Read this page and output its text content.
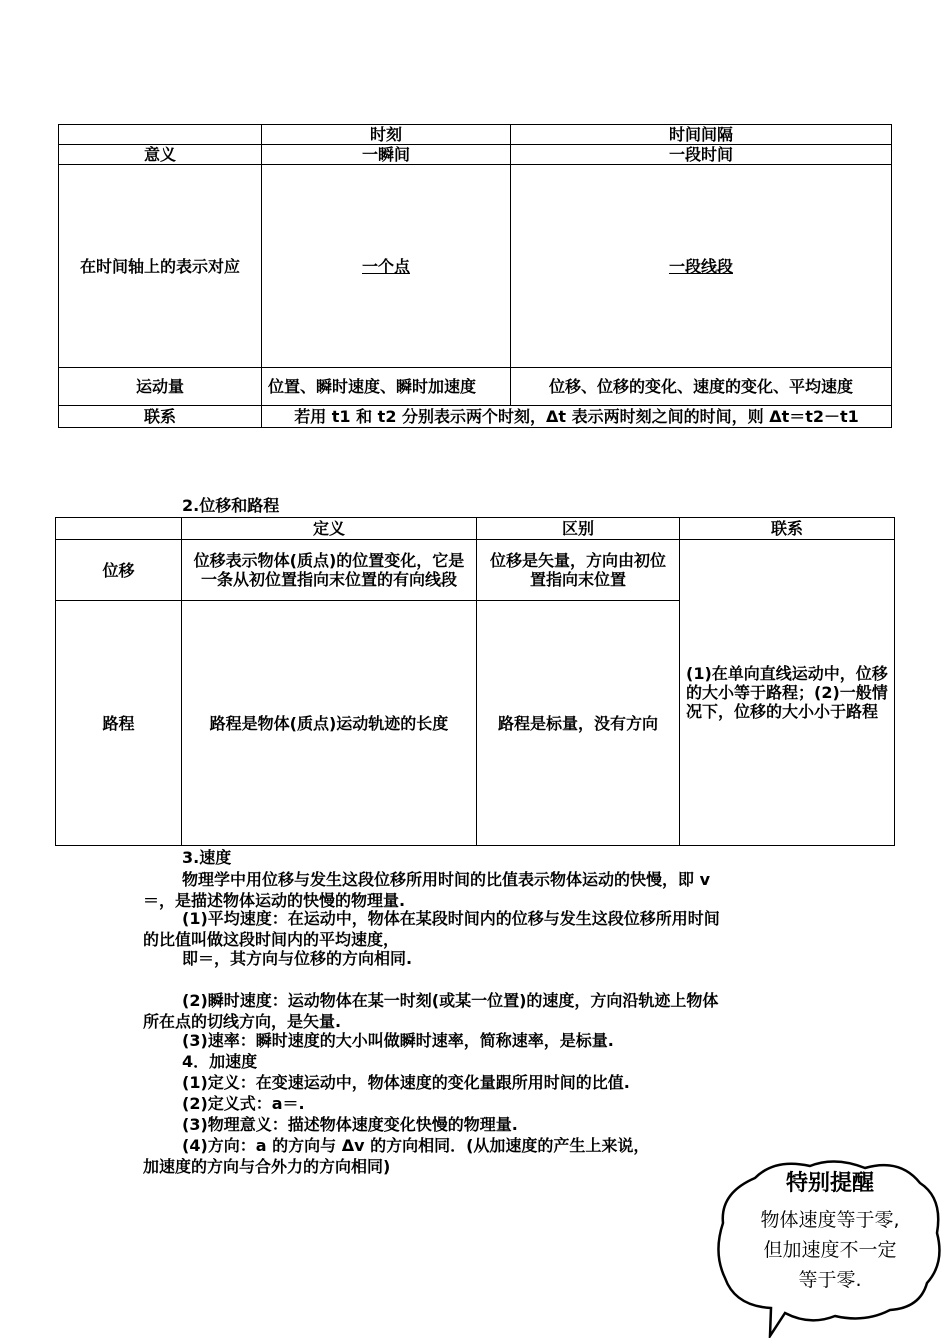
	时刻	时间间隔
意义	一瞬间	一段时间
在时间轴上的表示对应	一个点	一段线段
运动量	位置、瞬时速度、瞬时加速度	位移、位移的变化、速度的变化、平均速度
联系	若用 t1 和 t2 分别表示两个时刻，Δt 表示两时刻之间的时间，则 Δt＝t2－t1	
2.位移和路程
	定义	区别	联系
位移	位移表示物体(质点)的位置变化，它是一条从初位置指向末位置的有向线段	位移是矢量，方向由初位置指向末位置	(1)在单向直线运动中，位移的大小等于路程；(2)一般情况下，位移的大小小于路程
路程	路程是物体(质点)运动轨迹的长度	路程是标量，没有方向	
3.速度
物理学中用位移与发生这段位移所用时间的比值表示物体运动的快慢，即 v
＝，是描述物体运动的快慢的物理量.
(1)平均速度：在运动中，物体在某段时间内的位移与发生这段位移所用时间
的比值叫做这段时间内的平均速度，
即＝，其方向与位移的方向相同.
(2)瞬时速度：运动物体在某一时刻(或某一位置)的速度，方向沿轨迹上物体
所在点的切线方向，是矢量.
(3)速率：瞬时速度的大小叫做瞬时速率，简称速率，是标量.
4．加速度
(1)定义：在变速运动中，物体速度的变化量跟所用时间的比值.
(2)定义式：a＝.
(3)物理意义：描述物体速度变化快慢的物理量.
(4)方向：a 的方向与 Δv 的方向相同．(从加速度的产生上来说，
加速度的方向与合外力的方向相同)
特别提醒
物体速度等于零,
但加速度不一定
等于零.
